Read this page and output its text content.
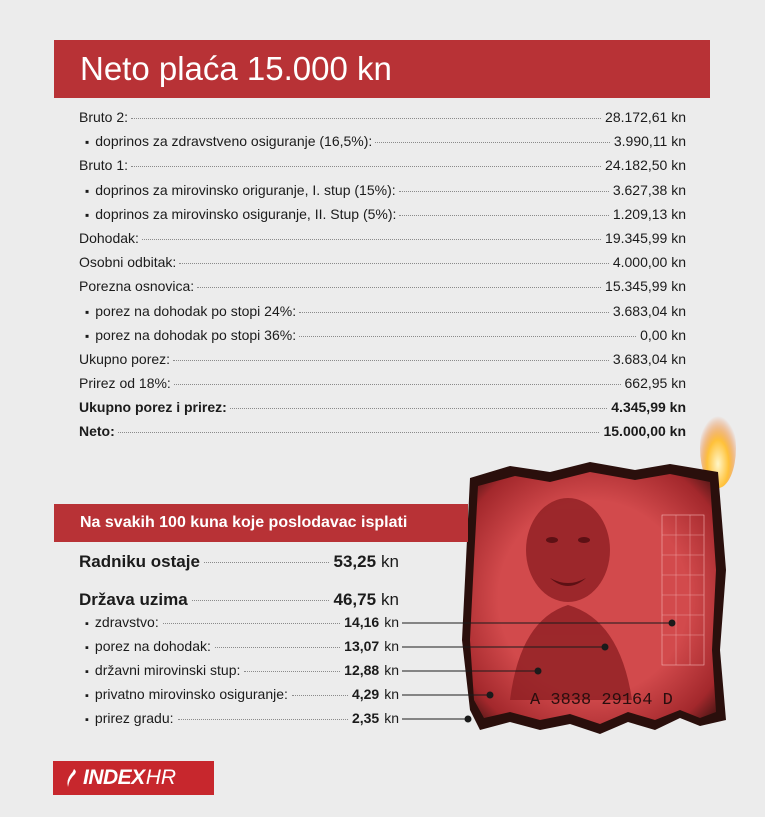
Neto plaća 15.000 kn
Bruto 2:	28.172,61 kn
▪ doprinos za zdravstveno osiguranje (16,5%):	3.990,11 kn
Bruto 1:	24.182,50 kn
▪ doprinos za mirovinsko origuranje, I. stup (15%):	3.627,38 kn
▪ doprinos za mirovinsko osiguranje, II. Stup (5%):	1.209,13 kn
Dohodak:	19.345,99 kn
Osobni odbitak:	4.000,00 kn
Porezna osnovica:	15.345,99 kn
▪ porez na dohodak po stopi 24%:	3.683,04 kn
▪ porez na dohodak po stopi 36%:	0,00 kn
Ukupno porez:	3.683,04 kn
Prirez od 18%:	662,95 kn
Ukupno porez i prirez:	4.345,99 kn
Neto:	15.000,00 kn
A 3838 29164 D
Na svakih 100 kuna koje poslodavac isplati
Radniku ostaje	53,25 kn
Država uzima	46,75 kn
▪ zdravstvo:	14,16 kn
▪ porez na dohodak:	13,07 kn
▪ državni mirovinski stup:	12,88 kn
▪ privatno mirovinsko osiguranje:	4,29 kn
▪ prirez gradu:	2,35 kn
INDEX HR
